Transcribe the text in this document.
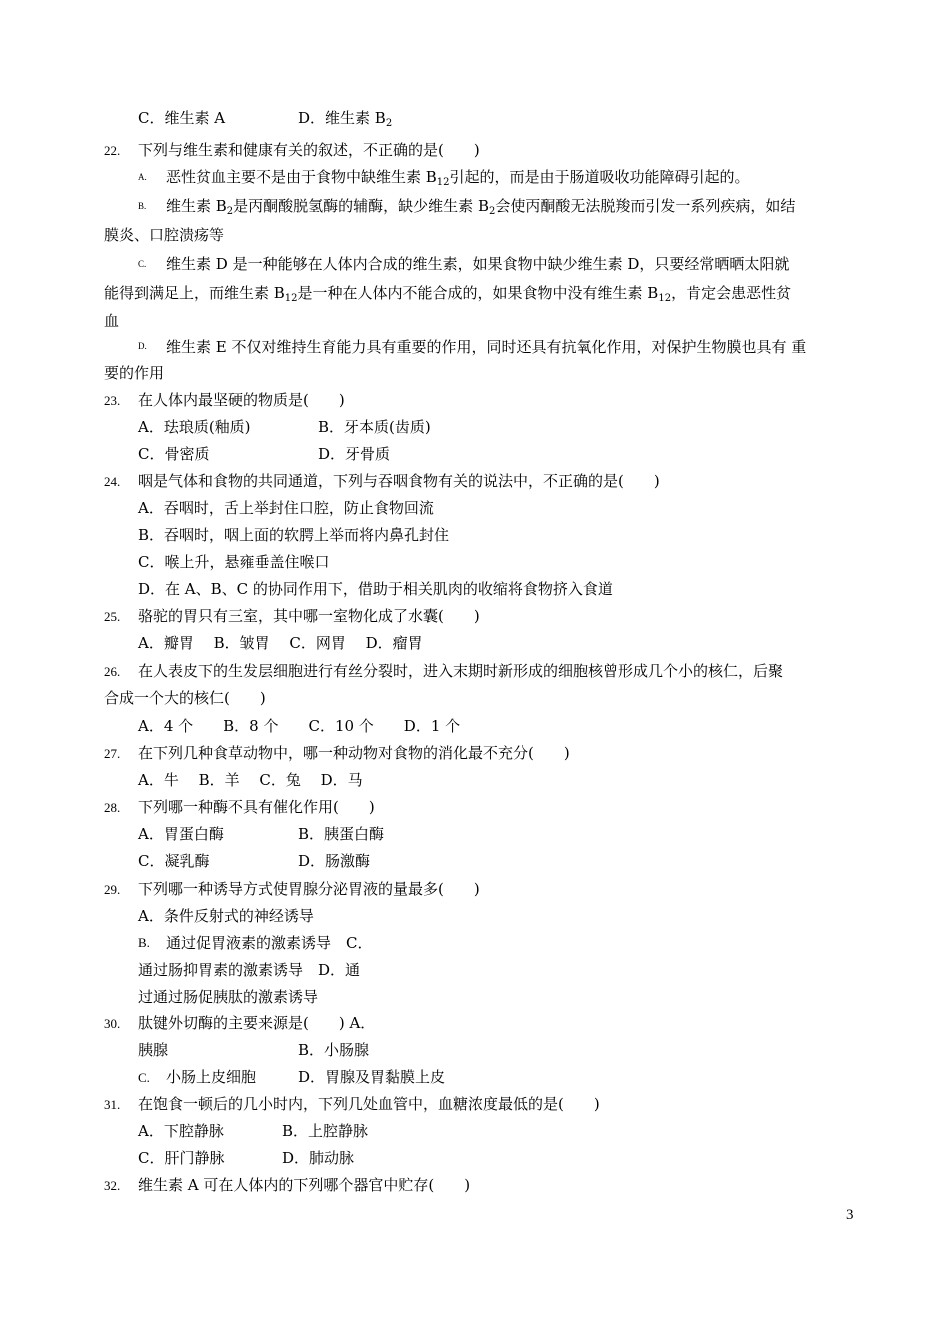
C．维生素 A	D．维生素 $B_2$
22. 下列与维生素和健康有关的叙述，不正确的是(　　)
A. 恶性贫血主要不是由于食物中缺维生素 $B_{12}$引起的，而是由于肠道吸收功能障碍引起的。
B. 维生素 $B_2$是丙酮酸脱氢酶的辅酶，缺少维生素 $B_2$会使丙酮酸无法脱羧而引发一系列疾病，如结
膜炎、口腔溃疡等
C. 维生素 D 是一种能够在人体内合成的维生素，如果食物中缺少维生素 D，只要经常晒晒太阳就
能得到满足上，而维生素 $B_{12}$是一种在人体内不能合成的，如果食物中没有维生素 $B_{12}$，肯定会患恶性贫
血
D. 维生素 E 不仅对维持生育能力具有重要的作用，同时还具有抗氧化作用，对保护生物膜也具有 重
要的作用
23. 在人体内最坚硬的物质是(　　)
A．珐琅质(釉质)	B．牙本质(齿质)
C．骨密质	D．牙骨质
24. 咽是气体和食物的共同通道，下列与吞咽食物有关的说法中，不正确的是(　　)
A．吞咽时，舌上举封住口腔，防止食物回流
B．吞咽时，咽上面的软腭上举而将内鼻孔封住
C．喉上升，悬雍垂盖住喉口
D．在 A、B、C 的协同作用下，借助于相关肌肉的收缩将食物挤入食道
25. 骆驼的胃只有三室，其中哪一室物化成了水囊(　　)
A．瓣胃　 B．皱胃　 C．网胃　 D．瘤胃
26. 在人表皮下的生发层细胞进行有丝分裂时，进入末期时新形成的细胞核曾形成几个小的核仁，后聚
合成一个大的核仁(　　)
A．4 个　　B．8 个　　C．10 个　　D．1 个
27. 在下列几种食草动物中，哪一种动物对食物的消化最不充分(　　)
A．牛　 B．羊　 C．兔　 D．马
28. 下列哪一种酶不具有催化作用(　　)
A．胃蛋白酶	B．胰蛋白酶
C．凝乳酶	D．肠激酶
29. 下列哪一种诱导方式使胃腺分泌胃液的量最多(　　)
A．条件反射式的神经诱导
B. 通过促胃液素的激素诱导　C．
通过肠抑胃素的激素诱导　D．通
过通过肠促胰肽的激素诱导
30. 肽键外切酶的主要来源是(　　) A．
胰腺	B．小肠腺
C. 小肠上皮细胞	D．胃腺及胃黏膜上皮
31. 在饱食一顿后的几小时内，下列几处血管中，血糖浓度最低的是(　　)
A．下腔静脉	B．上腔静脉
C．肝门静脉	D．肺动脉
32. 维生素 A 可在人体内的下列哪个器官中贮存(　　)
3
